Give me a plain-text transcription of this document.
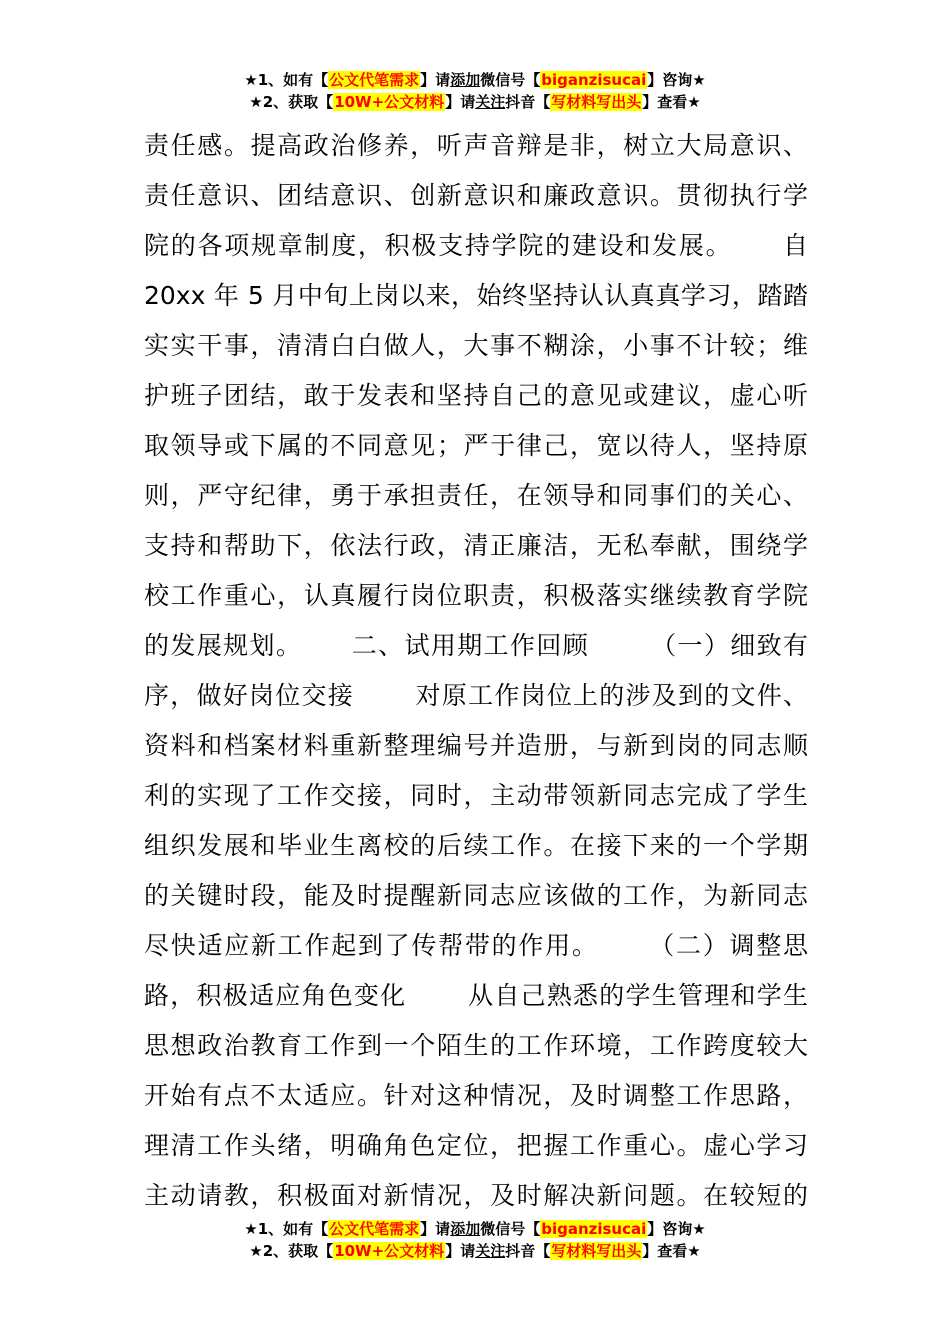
★1、如有【公文代笔需求】请添加微信号【biganzisucai】咨询★
★2、获取【10W+公文材料】请关注抖音【写材料写出头】查看★
责任感。提高政治修养，听声音辩是非，树立大局意识、
责任意识、团结意识、创新意识和廉政意识。贯彻执行学
院的各项规章制度，积极支持学院的建设和发展。　　 自
20xx 年 5 月中旬上岗以来，始终坚持认认真真学习，踏踏
实实干事，清清白白做人，大事不糊涂，小事不计较；维
护班子团结，敢于发表和坚持自己的意见或建议，虚心听
取领导或下属的不同意见；严于律己，宽以待人，坚持原
则，严守纪律，勇于承担责任，在领导和同事们的关心、
支持和帮助下，依法行政，清正廉洁，无私奉献，围绕学
校工作重心，认真履行岗位职责，积极落实继续教育学院
的发展规划。　　 二、试用期工作回顾　　 （一）细致有
序，做好岗位交接　　 对原工作岗位上的涉及到的文件、
资料和档案材料重新整理编号并造册，与新到岗的同志顺
利的实现了工作交接，同时，主动带领新同志完成了学生
组织发展和毕业生离校的后续工作。在接下来的一个学期
的关键时段，能及时提醒新同志应该做的工作，为新同志
尽快适应新工作起到了传帮带的作用。　　 （二）调整思
路，积极适应角色变化　　 从自己熟悉的学生管理和学生
思想政治教育工作到一个陌生的工作环境，工作跨度较大
开始有点不太适应。针对这种情况，及时调整工作思路，
理清工作头绪，明确角色定位，把握工作重心。虚心学习
主动请教，积极面对新情况，及时解决新问题。在较短的
★1、如有【公文代笔需求】请添加微信号【biganzisucai】咨询★
★2、获取【10W+公文材料】请关注抖音【写材料写出头】查看★
